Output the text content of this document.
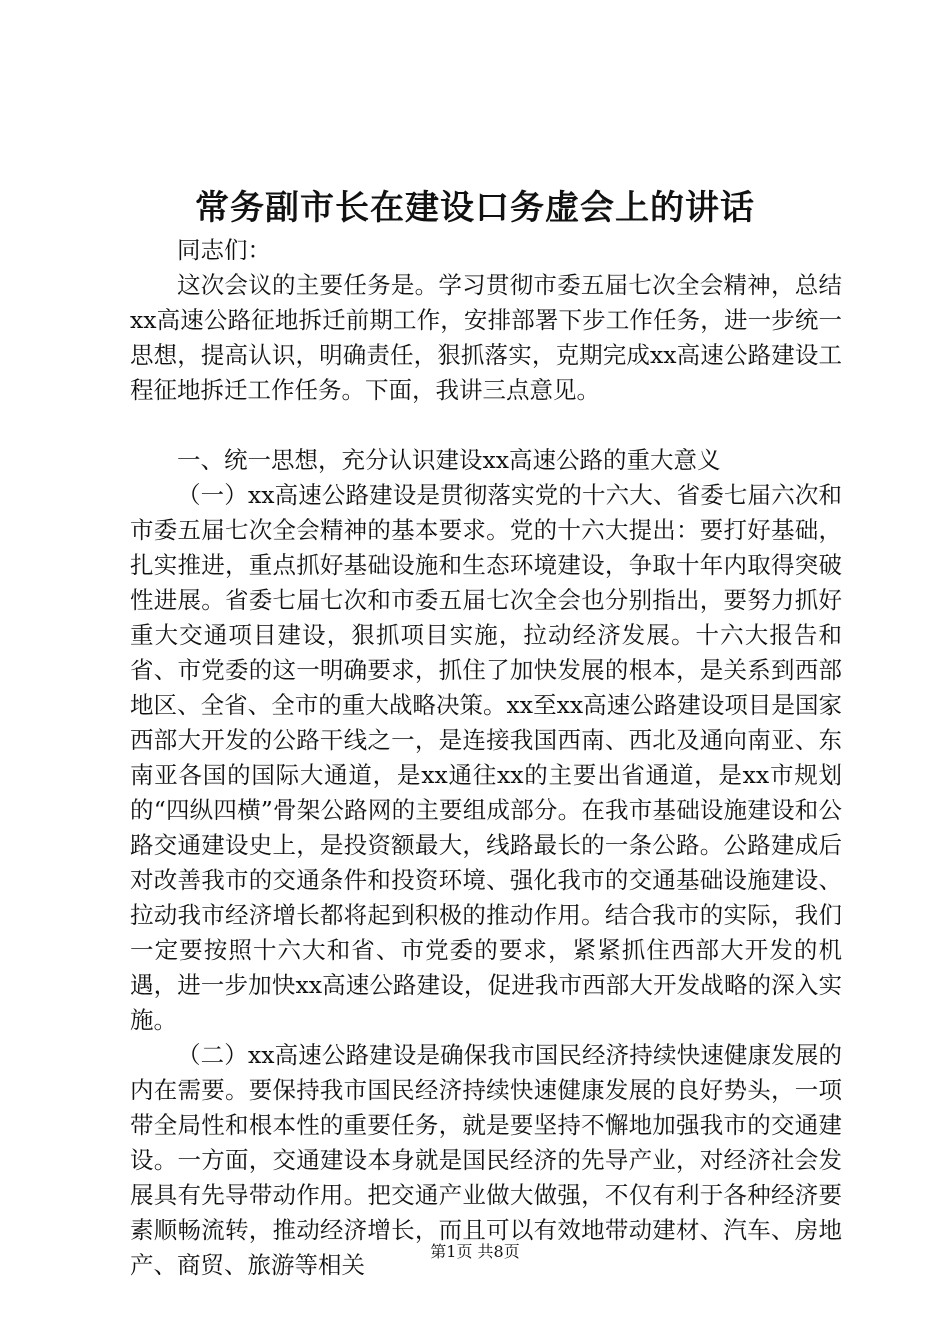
常务副市长在建设口务虚会上的讲话

同志们：

这次会议的主要任务是。学习贯彻市委五届七次全会精神，总结xx高速公路征地拆迁前期工作，安排部署下步工作任务，进一步统一思想，提高认识，明确责任，狠抓落实，克期完成xx高速公路建设工程征地拆迁工作任务。下面，我讲三点意见。

一、统一思想，充分认识建设xx高速公路的重大意义

（一）xx高速公路建设是贯彻落实党的十六大、省委七届六次和市委五届七次全会精神的基本要求。党的十六大提出：要打好基础，扎实推进，重点抓好基础设施和生态环境建设，争取十年内取得突破性进展。省委七届七次和市委五届七次全会也分别指出，要努力抓好重大交通项目建设，狠抓项目实施，拉动经济发展。十六大报告和省、市党委的这一明确要求，抓住了加快发展的根本，是关系到西部地区、全省、全市的重大战略决策。xx至xx高速公路建设项目是国家西部大开发的公路干线之一，是连接我国西南、西北及通向南亚、东南亚各国的国际大通道，是xx通往xx的主要出省通道，是xx市规划的“四纵四横”骨架公路网的主要组成部分。在我市基础设施建设和公路交通建设史上，是投资额最大，线路最长的一条公路。公路建成后对改善我市的交通条件和投资环境、强化我市的交通基础设施建设、拉动我市经济增长都将起到积极的推动作用。结合我市的实际，我们一定要按照十六大和省、市党委的要求，紧紧抓住西部大开发的机遇，进一步加快xx高速公路建设，促进我市西部大开发战略的深入实施。

（二）xx高速公路建设是确保我市国民经济持续快速健康发展的内在需要。要保持我市国民经济持续快速健康发展的良好势头，一项带全局性和根本性的重要任务，就是要坚持不懈地加强我市的交通建设。一方面，交通建设本身就是国民经济的先导产业，对经济社会发展具有先导带动作用。把交通产业做大做强，不仅有利于各种经济要素顺畅流转，推动经济增长，而且可以有效地带动建材、汽车、房地产、商贸、旅游等相关	第1页 共8页
